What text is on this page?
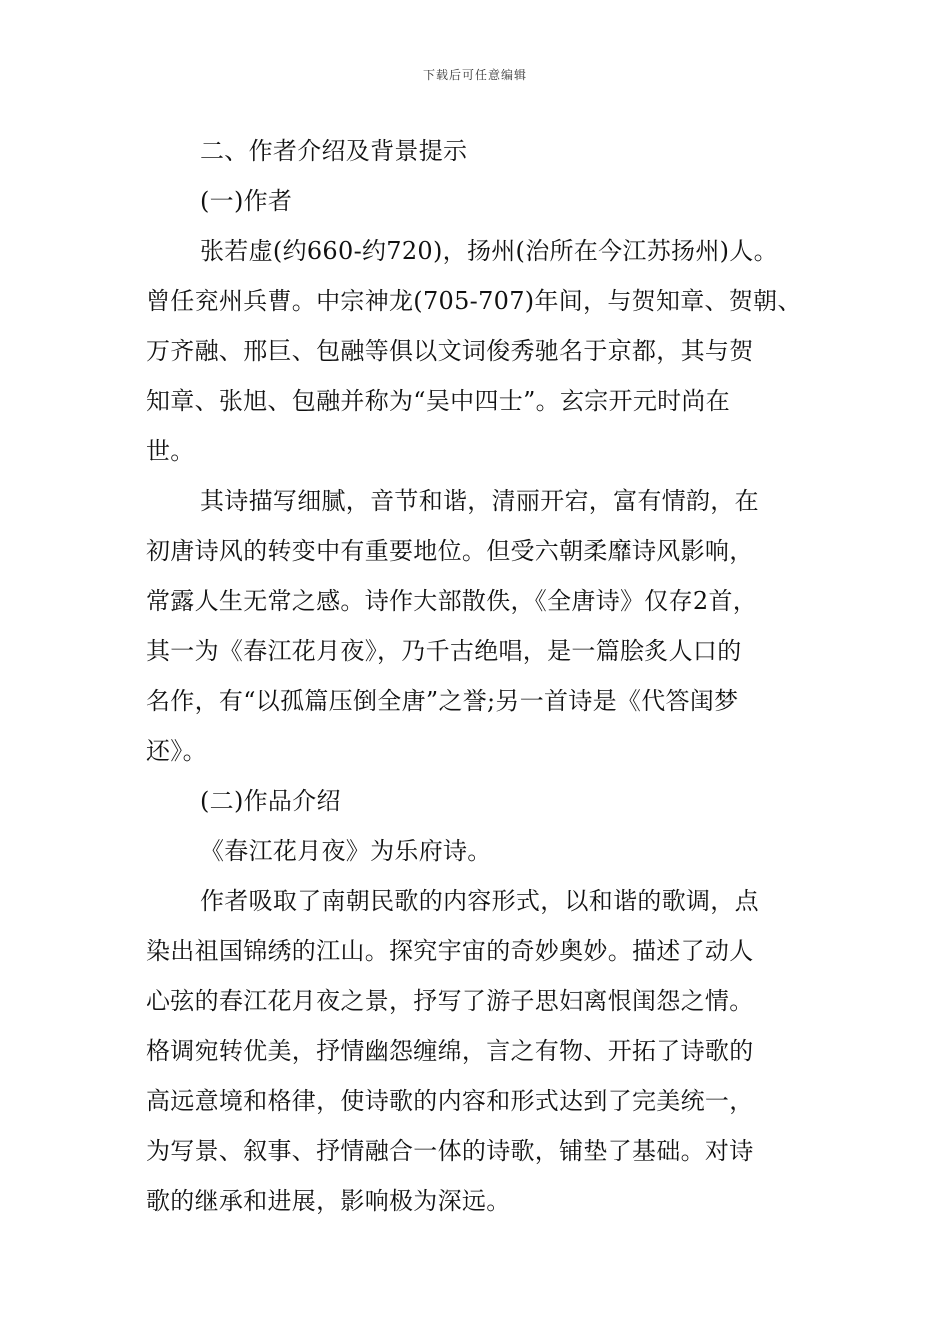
下载后可任意编辑
二、作者介绍及背景提示
(一)作者
张若虚(约660-约720)，扬州(治所在今江苏扬州)人。
曾任兖州兵曹。中宗神龙(705-707)年间，与贺知章、贺朝、
万齐融、邢巨、包融等俱以文词俊秀驰名于京都，其与贺
知章、张旭、包融并称为“吴中四士”。玄宗开元时尚在
世。
其诗描写细腻，音节和谐，清丽开宕，富有情韵，在
初唐诗风的转变中有重要地位。但受六朝柔靡诗风影响，
常露人生无常之感。诗作大部散佚，《全唐诗》仅存2首，
其一为《春江花月夜》，乃千古绝唱，是一篇脍炙人口的
名作，有“以孤篇压倒全唐”之誉;另一首诗是《代答闺梦
还》。
(二)作品介绍
《春江花月夜》为乐府诗。
作者吸取了南朝民歌的内容形式，以和谐的歌调，点
染出祖国锦绣的江山。探究宇宙的奇妙奥妙。描述了动人
心弦的春江花月夜之景，抒写了游子思妇离恨闺怨之情。
格调宛转优美，抒情幽怨缠绵，言之有物、开拓了诗歌的
高远意境和格律，使诗歌的内容和形式达到了完美统一，
为写景、叙事、抒情融合一体的诗歌，铺垫了基础。对诗
歌的继承和进展，影响极为深远。
